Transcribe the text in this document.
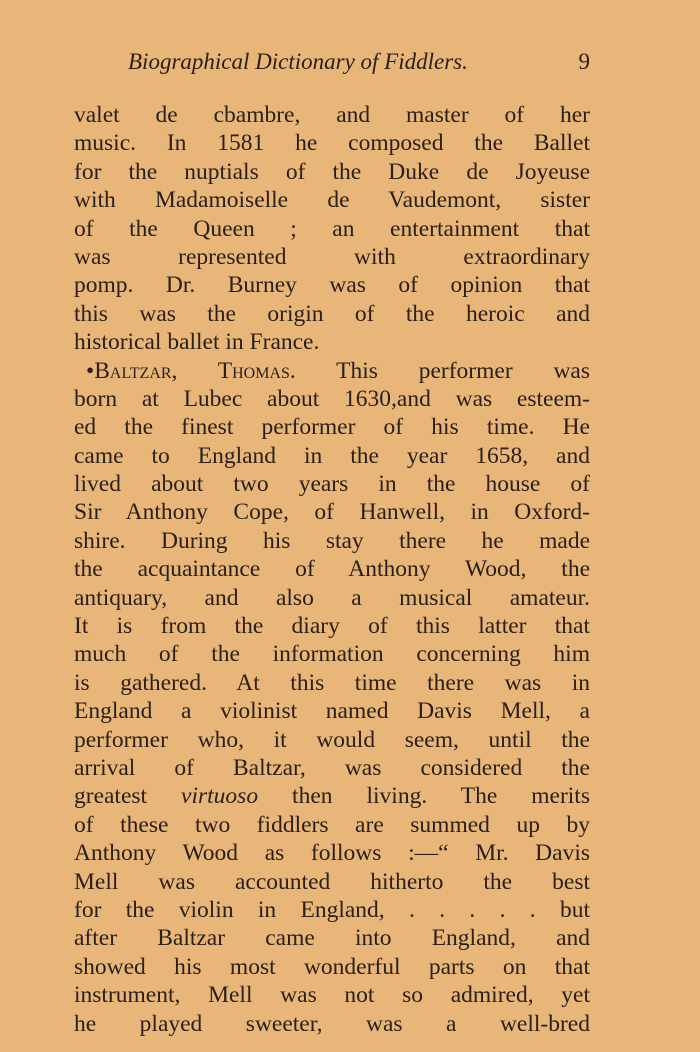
Biographical Dictionary of Fiddlers.	9
valet de cbambre, and master of her
music. In 1581 he composed the Ballet
for the nuptials of the Duke de Joyeuse
with Madamoiselle de Vaudemont, sister
of the Queen ; an entertainment that
was represented with extraordinary
pomp. Dr. Burney was of opinion that
this was the origin of the heroic and
historical ballet in France.
•Baltzar, Thomas. This performer was
born at Lubec about 1630,and was esteem-
ed the finest performer of his time. He
came to England in the year 1658, and
lived about two years in the house of
Sir Anthony Cope, of Hanwell, in Oxford-
shire. During his stay there he made
the acquaintance of Anthony Wood, the
antiquary, and also a musical amateur.
It is from the diary of this latter that
much of the information concerning him
is gathered. At this time there was in
England a violinist named Davis Mell, a
performer who, it would seem, until the
arrival of Baltzar, was considered the
greatest virtuoso then living. The merits
of these two fiddlers are summed up by
Anthony Wood as follows :—“ Mr. Davis
Mell was accounted hitherto the best
for the violin in England, . . . . . but
after Baltzar came into England, and
showed his most wonderful parts on that
instrument, Mell was not so admired, yet
he played sweeter, was a well-bred
